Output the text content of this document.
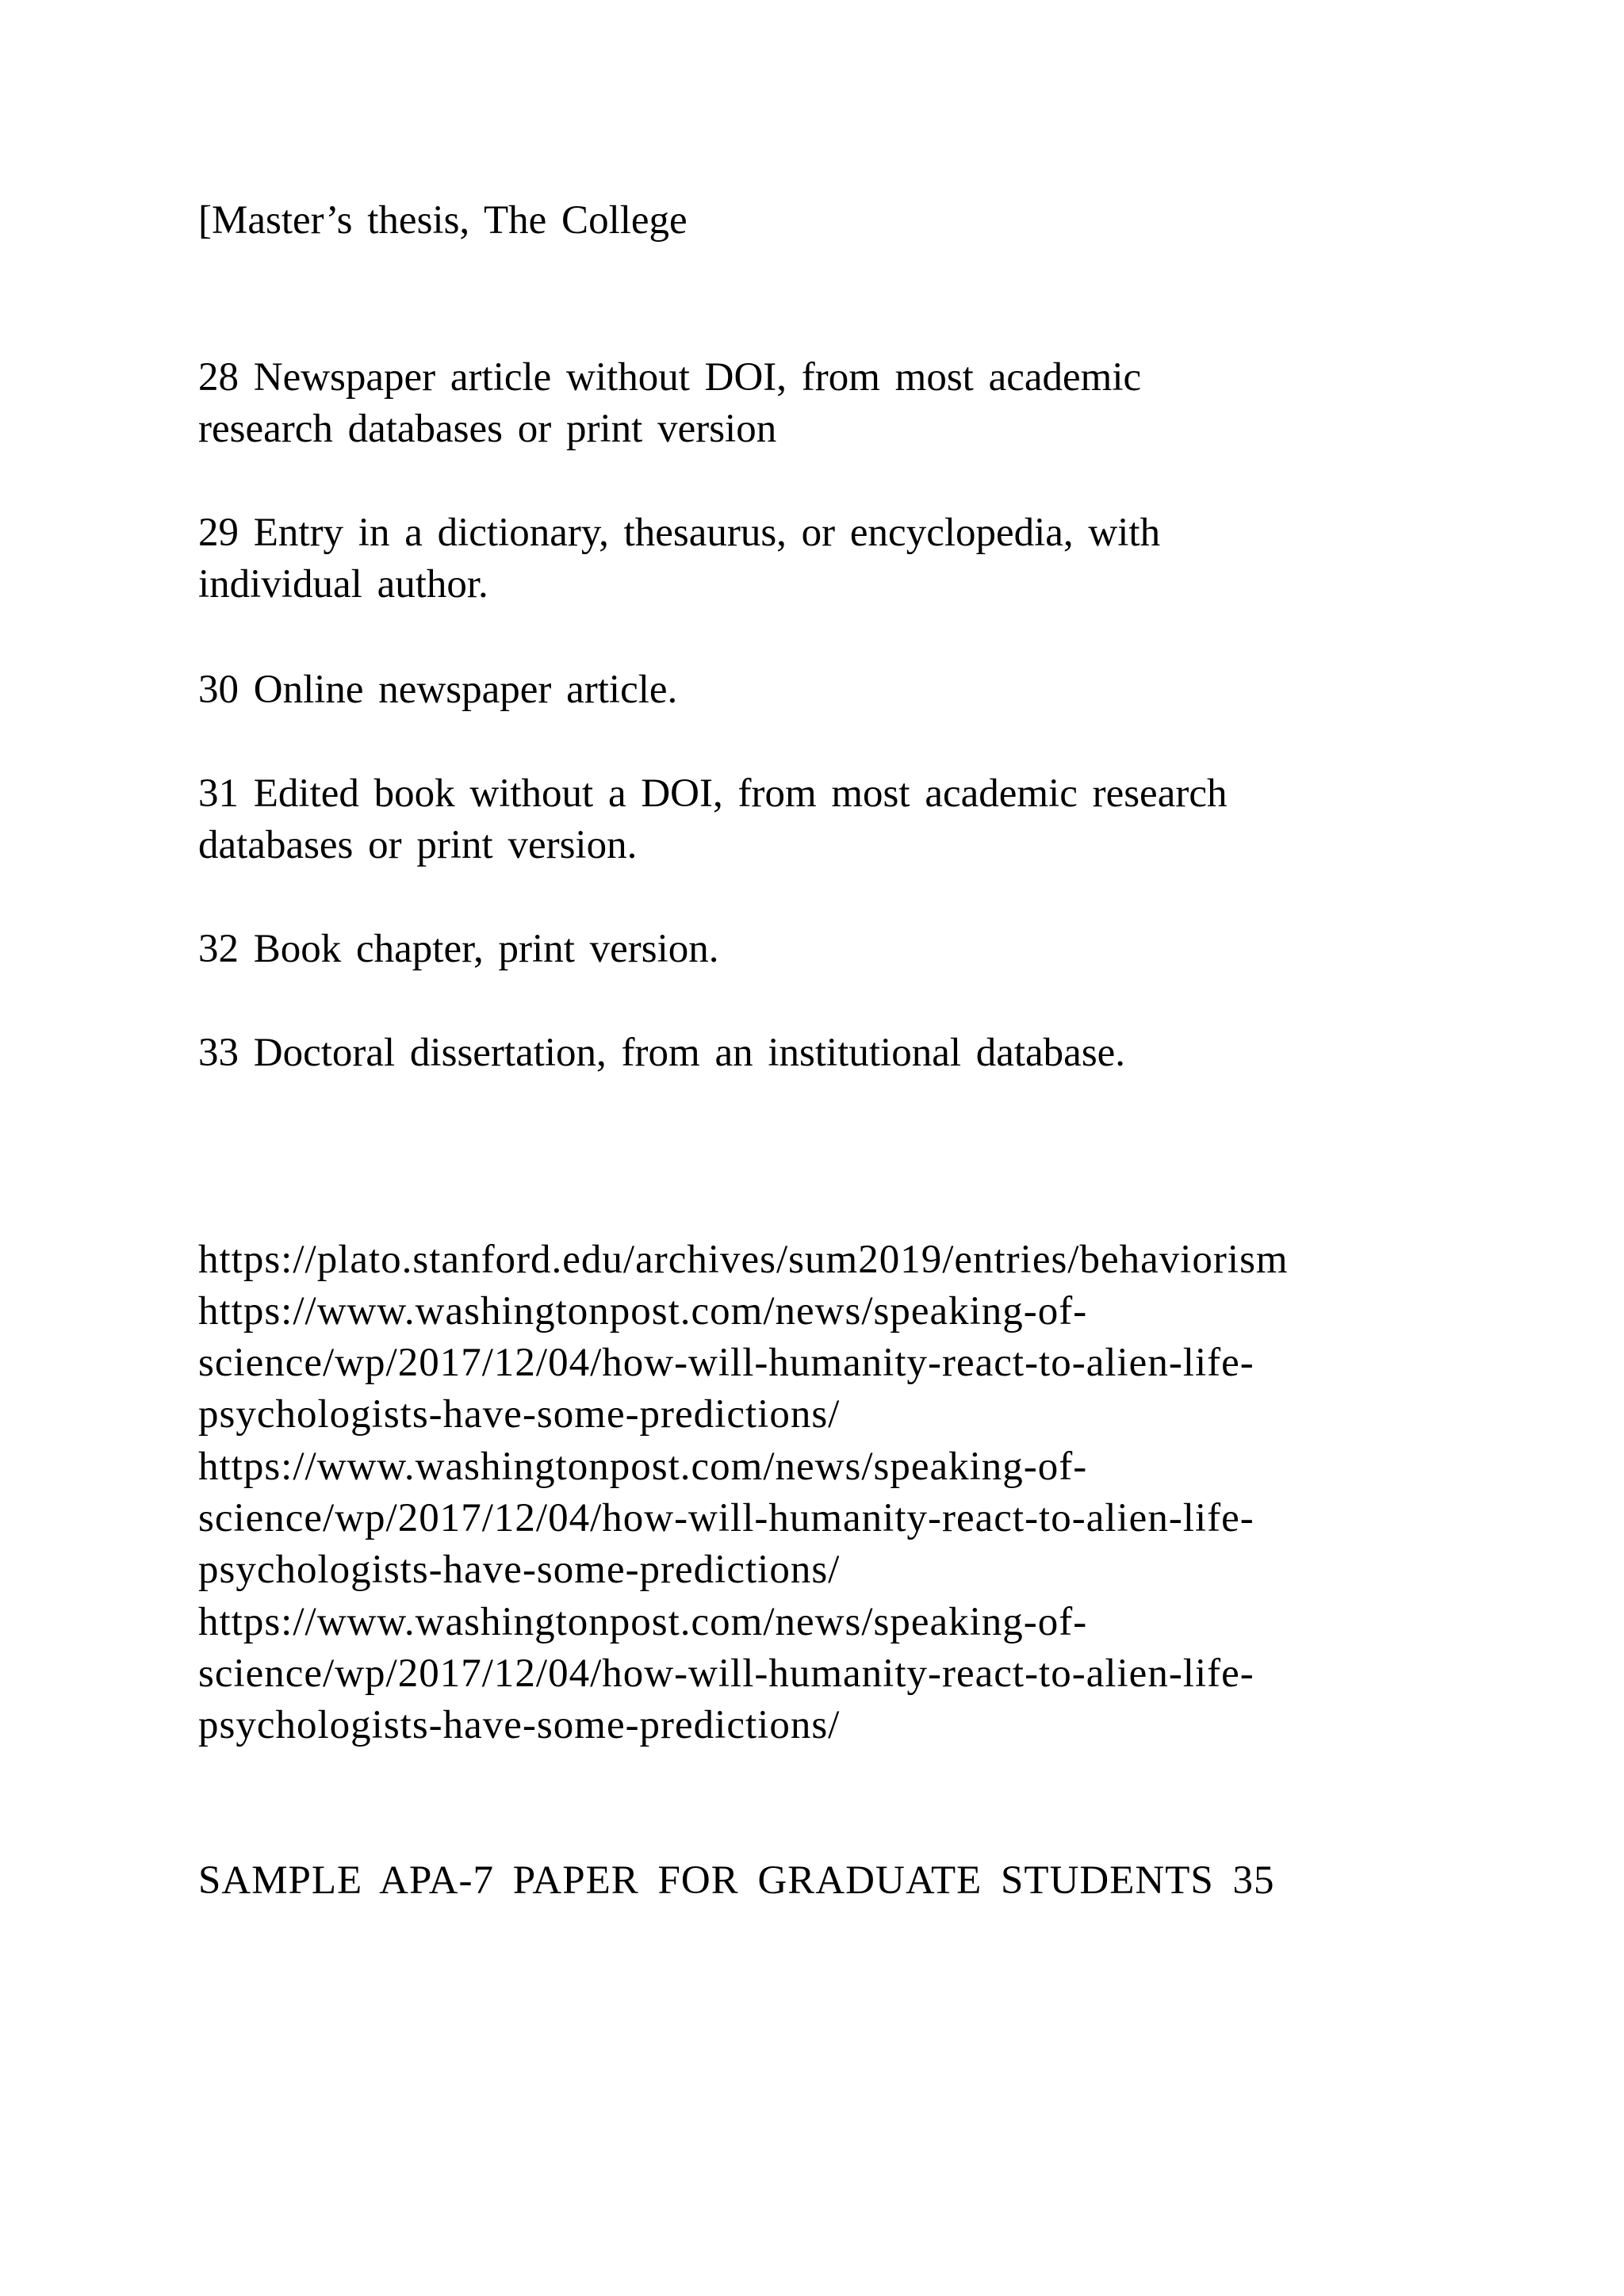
[Master’s thesis, The College

28 Newspaper article without DOI, from most academic

research databases or print version

29 Entry in a dictionary, thesaurus, or encyclopedia, with

individual author.

30 Online newspaper article.

31 Edited book without a DOI, from most academic research

databases or print version.

32 Book chapter, print version.

33 Doctoral dissertation, from an institutional database.

https://plato.stanford.edu/archives/sum2019/entries/behaviorism

https://www.washingtonpost.com/news/speaking-of-

science/wp/2017/12/04/how-will-humanity-react-to-alien-life-

psychologists-have-some-predictions/

https://www.washingtonpost.com/news/speaking-of-

science/wp/2017/12/04/how-will-humanity-react-to-alien-life-

psychologists-have-some-predictions/

https://www.washingtonpost.com/news/speaking-of-

science/wp/2017/12/04/how-will-humanity-react-to-alien-life-

psychologists-have-some-predictions/

SAMPLE APA-7 PAPER FOR GRADUATE STUDENTS 35
